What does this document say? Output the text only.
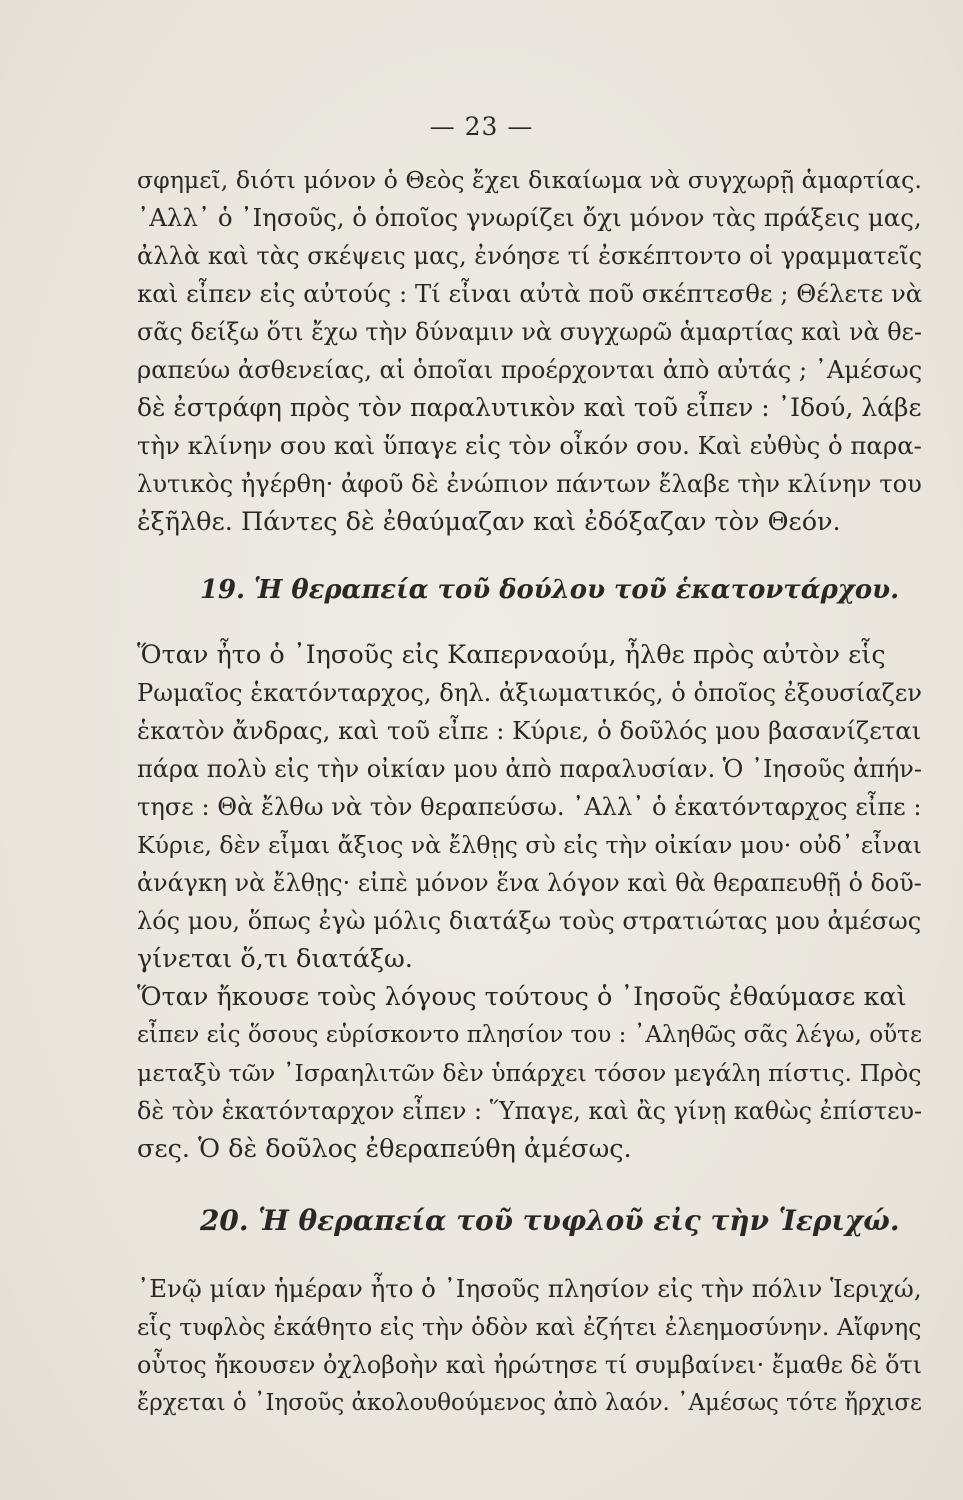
— 23 —
σφημεῖ, διότι μόνον ὁ Θεὸς ἔχει δικαίωμα νὰ συγχωρῇ ἁμαρτίας.
᾿Αλλ᾿ ὁ ᾿Ιησοῦς, ὁ ὁποῖος γνωρίζει ὄχι μόνον τὰς πράξεις μας,
ἀλλὰ καὶ τὰς σκέψεις μας, ἐνόησε τί ἐσκέπτοντο οἱ γραμματεῖς
καὶ εἶπεν εἰς αὐτούς : Τί εἶναι αὐτὰ ποῦ σκέπτεσθε ; Θέλετε νὰ
σᾶς δείξω ὅτι ἔχω τὴν δύναμιν νὰ συγχωρῶ ἁμαρτίας καὶ νὰ θε-
ραπεύω ἀσθενείας, αἱ ὁποῖαι προέρχονται ἀπὸ αὐτάς ; ᾿Αμέσως
δὲ ἐστράφη πρὸς τὸν παραλυτικὸν καὶ τοῦ εἶπεν : ᾿Ιδού, λάβε
τὴν κλίνην σου καὶ ὕπαγε εἰς τὸν οἶκόν σου. Καὶ εὐθὺς ὁ παρα-
λυτικὸς ἠγέρθη· ἀφοῦ δὲ ἐνώπιον πάντων ἔλαβε τὴν κλίνην του
ἐξῆλθε. Πάντες δὲ ἐθαύμαζαν καὶ ἐδόξαζαν τὸν Θεόν.
19. Ἡ θεραπεία τοῦ δούλου τοῦ ἑκατοντάρχου.
Ὅταν ἦτο ὁ ᾿Ιησοῦς εἰς Καπερναούμ, ἦλθε πρὸς αὐτὸν εἷς
Ρωμαῖος ἑκατόνταρχος, δηλ. ἀξιωματικός, ὁ ὁποῖος ἐξουσίαζεν
ἑκατὸν ἄνδρας, καὶ τοῦ εἶπε : Κύριε, ὁ δοῦλός μου βασανίζεται
πάρα πολὺ εἰς τὴν οἰκίαν μου ἀπὸ παραλυσίαν. Ὁ ᾿Ιησοῦς ἀπήν-
τησε : Θὰ ἔλθω νὰ τὸν θεραπεύσω. ᾿Αλλ᾿ ὁ ἑκατόνταρχος εἶπε :
Κύριε, δὲν εἶμαι ἄξιος νὰ ἔλθῃς σὺ εἰς τὴν οἰκίαν μου· οὐδ᾿ εἶναι
ἀνάγκη νὰ ἔλθῃς· εἰπὲ μόνον ἕνα λόγον καὶ θὰ θεραπευθῇ ὁ δοῦ-
λός μου, ὅπως ἐγὼ μόλις διατάξω τοὺς στρατιώτας μου ἀμέσως
γίνεται ὅ,τι διατάξω.
Ὅταν ἤκουσε τοὺς λόγους τούτους ὁ ᾿Ιησοῦς ἐθαύμασε καὶ
εἶπεν εἰς ὅσους εὑρίσκοντο πλησίον του : ᾿Αληθῶς σᾶς λέγω, οὔτε
μεταξὺ τῶν ᾿Ισραηλιτῶν δὲν ὑπάρχει τόσον μεγάλη πίστις. Πρὸς
δὲ τὸν ἑκατόνταρχον εἶπεν : Ὕπαγε, καὶ ἂς γίνῃ καθὼς ἐπίστευ-
σες. Ὁ δὲ δοῦλος ἐθεραπεύθη ἀμέσως.
20. Ἡ θεραπεία τοῦ τυφλοῦ εἰς τὴν Ἱεριχώ.
᾿Ενῷ μίαν ἡμέραν ἦτο ὁ ᾿Ιησοῦς πλησίον εἰς τὴν πόλιν Ἱεριχώ,
εἷς τυφλὸς ἐκάθητο εἰς τὴν ὁδὸν καὶ ἐζήτει ἐλεημοσύνην. Αἴφνης
οὗτος ἤκουσεν ὀχλοβοὴν καὶ ἠρώτησε τί συμβαίνει· ἔμαθε δὲ ὅτι
ἔρχεται ὁ ᾿Ιησοῦς ἀκολουθούμενος ἀπὸ λαόν. ᾿Αμέσως τότε ἤρχισε
